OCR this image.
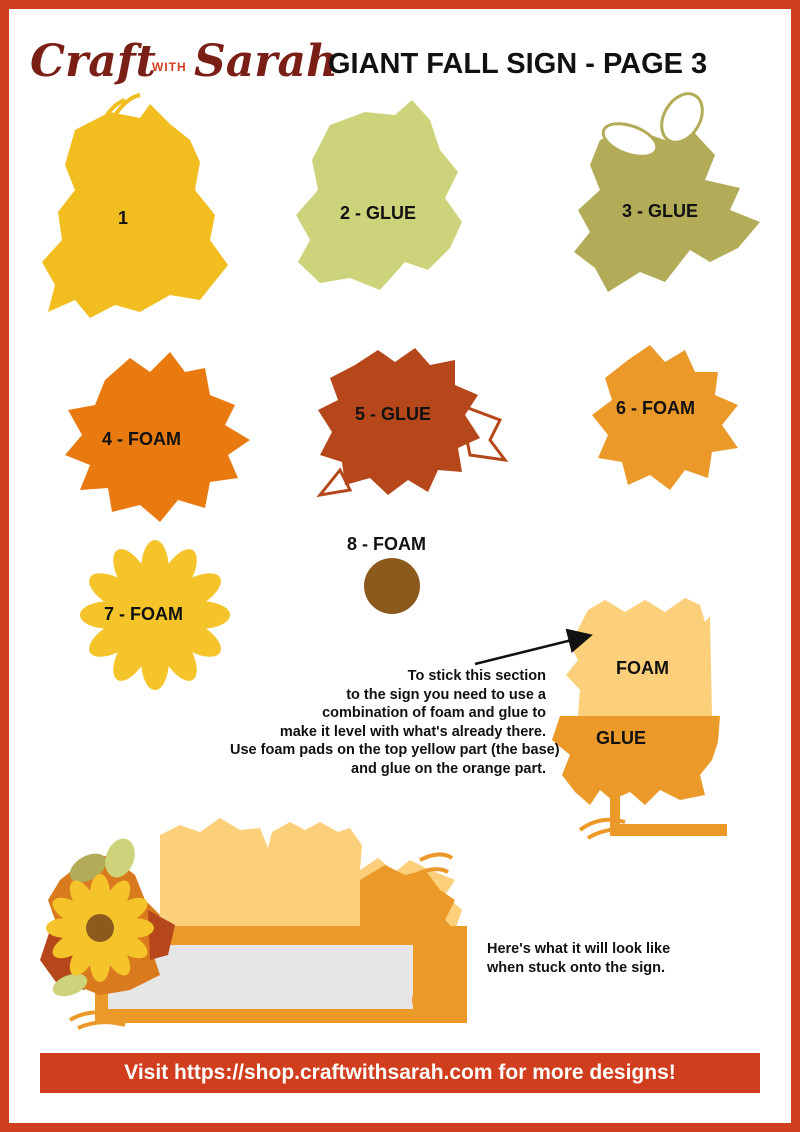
Craft
WITH Sarah
GIANT FALL SIGN - PAGE 3
1	2 - GLUE	3 - GLUE
4 - FOAM
5 - GLUE	6 - FOAM
7 - FOAM
8 - FOAM
FOAM
GLUE
To stick this section
to the sign you need to use a
combination of foam and glue to
make it level with what's already there.
Use foam pads on the top yellow part (the base)
and glue on the orange part.
Here's what it will look like
when stuck onto the sign.
Visit https://shop.craftwithsarah.com for more designs!
